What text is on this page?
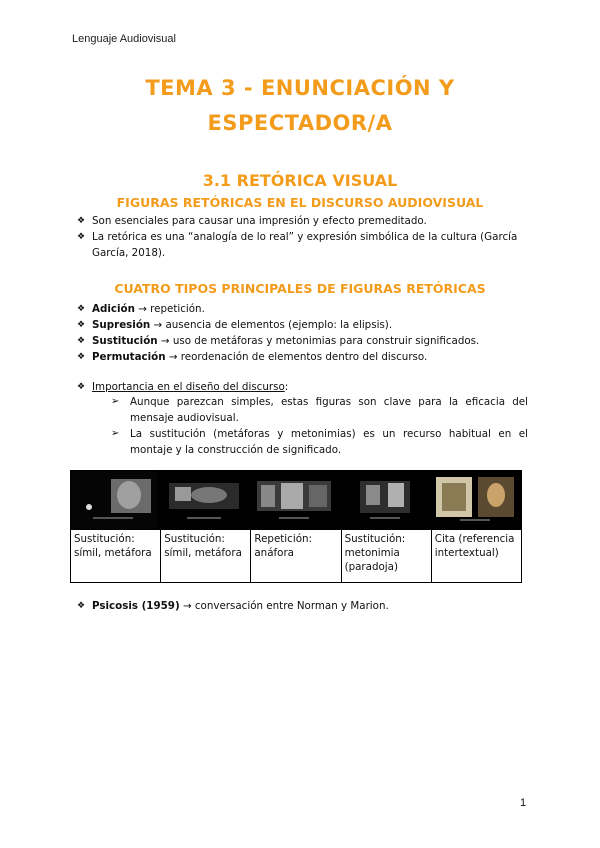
Lenguaje Audiovisual
TEMA 3 - ENUNCIACIÓN Y
ESPECTADOR/A
3.1 RETÓRICA VISUAL
FIGURAS RETÓRICAS EN EL DISCURSO AUDIOVISUAL
❖ Son esenciales para causar una impresión y efecto premeditado.
❖ La retórica es una “analogía de lo real” y expresión simbólica de la cultura (García García, 2018).
CUATRO TIPOS PRINCIPALES DE FIGURAS RETÓRICAS
❖ Adición → repetición.
❖ Supresión → ausencia de elementos (ejemplo: la elipsis).
❖ Sustitución → uso de metáforas y metonimias para construir significados.
❖ Permutación → reordenación de elementos dentro del discurso.
❖ Importancia en el diseño del discurso:
➢ Aunque parezcan simples, estas figuras son clave para la eficacia del mensaje audiovisual.
➢ La sustitución (metáforas y metonimias) es un recurso habitual en el montaje y la construcción de significado.

Sustitución: símil, metáfora	Sustitución: símil, metáfora	Repetición: anáfora	Sustitución: metonimia (paradoja)	Cita (referencia intertextual)
❖ Psicosis (1959) → conversación entre Norman y Marion.
1
